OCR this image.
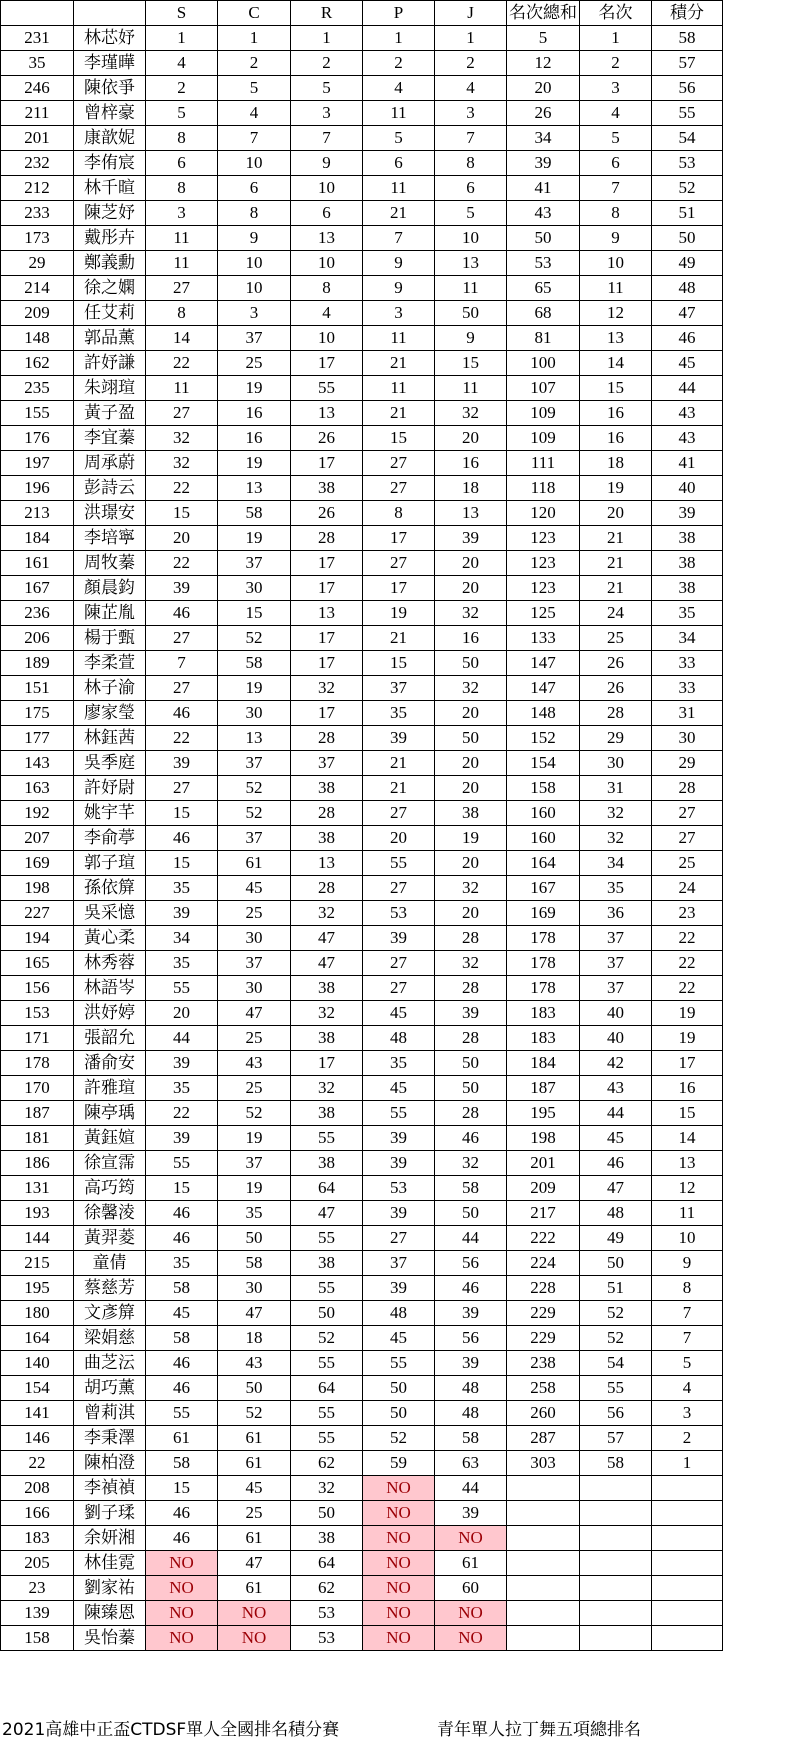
		S	C	R	P	J	名次總和	名次	積分
231	林芯妤	1	1	1	1	1	5	1	58
35	李瑾曄	4	2	2	2	2	12	2	57
246	陳依爭	2	5	5	4	4	20	3	56
211	曾梓豪	5	4	3	11	3	26	4	55
201	康歆妮	8	7	7	5	7	34	5	54
232	李侑宸	6	10	9	6	8	39	6	53
212	林千暄	8	6	10	11	6	41	7	52
233	陳芝妤	3	8	6	21	5	43	8	51
173	戴彤卉	11	9	13	7	10	50	9	50
29	鄭義勳	11	10	10	9	13	53	10	49
214	徐之嫻	27	10	8	9	11	65	11	48
209	任艾莉	8	3	4	3	50	68	12	47
148	郭品薰	14	37	10	11	9	81	13	46
162	許妤謙	22	25	17	21	15	100	14	45
235	朱翊瑄	11	19	55	11	11	107	15	44
155	黃子盈	27	16	13	21	32	109	16	43
176	李宜蓁	32	16	26	15	20	109	16	43
197	周承蔚	32	19	17	27	16	111	18	41
196	彭詩云	22	13	38	27	18	118	19	40
213	洪璟安	15	58	26	8	13	120	20	39
184	李培寧	20	19	28	17	39	123	21	38
161	周牧蓁	22	37	17	27	20	123	21	38
167	顏晨鈞	39	30	17	17	20	123	21	38
236	陳芷胤	46	15	13	19	32	125	24	35
206	楊于甄	27	52	17	21	16	133	25	34
189	李柔萱	7	58	17	15	50	147	26	33
151	林子渝	27	19	32	37	32	147	26	33
175	廖家瑩	46	30	17	35	20	148	28	31
177	林鈺茜	22	13	28	39	50	152	29	30
143	吳季庭	39	37	37	21	20	154	30	29
163	許妤尉	27	52	38	21	20	158	31	28
192	姚宇芊	15	52	28	27	38	160	32	27
207	李俞葶	46	37	38	20	19	160	32	27
169	郭子瑄	15	61	13	55	20	164	34	25
198	孫依箳	35	45	28	27	32	167	35	24
227	吳采憶	39	25	32	53	20	169	36	23
194	黃心柔	34	30	47	39	28	178	37	22
165	林秀蓉	35	37	47	27	32	178	37	22
156	林語岑	55	30	38	27	28	178	37	22
153	洪妤婷	20	47	32	45	39	183	40	19
171	張韶允	44	25	38	48	28	183	40	19
178	潘俞安	39	43	17	35	50	184	42	17
170	許雅瑄	35	25	32	45	50	187	43	16
187	陳亭瑀	22	52	38	55	28	195	44	15
181	黃鈺媗	39	19	55	39	46	198	45	14
186	徐宣霈	55	37	38	39	32	201	46	13
131	高巧筠	15	19	64	53	58	209	47	12
193	徐馨淩	46	35	47	39	50	217	48	11
144	黃羿菱	46	50	55	27	44	222	49	10
215	童倩	35	58	38	37	56	224	50	9
195	蔡慈芳	58	30	55	39	46	228	51	8
180	文彥箳	45	47	50	48	39	229	52	7
164	梁娟慈	58	18	52	45	56	229	52	7
140	曲芝沄	46	43	55	55	39	238	54	5
154	胡巧薰	46	50	64	50	48	258	55	4
141	曾莉淇	55	52	55	50	48	260	56	3
146	李秉澤	61	61	55	52	58	287	57	2
22	陳柏澄	58	61	62	59	63	303	58	1
208	李禎禎	15	45	32	NO	44			
166	劉子瑈	46	25	50	NO	39			
183	余妍湘	46	61	38	NO	NO			
205	林佳霓	NO	47	64	NO	61			
23	劉家祐	NO	61	62	NO	60			
139	陳臻恩	NO	NO	53	NO	NO			
158	吳怡蓁	NO	NO	53	NO	NO			
2021高雄中正盃CTDSF單人全國排名積分賽	青年單人拉丁舞五項總排名
